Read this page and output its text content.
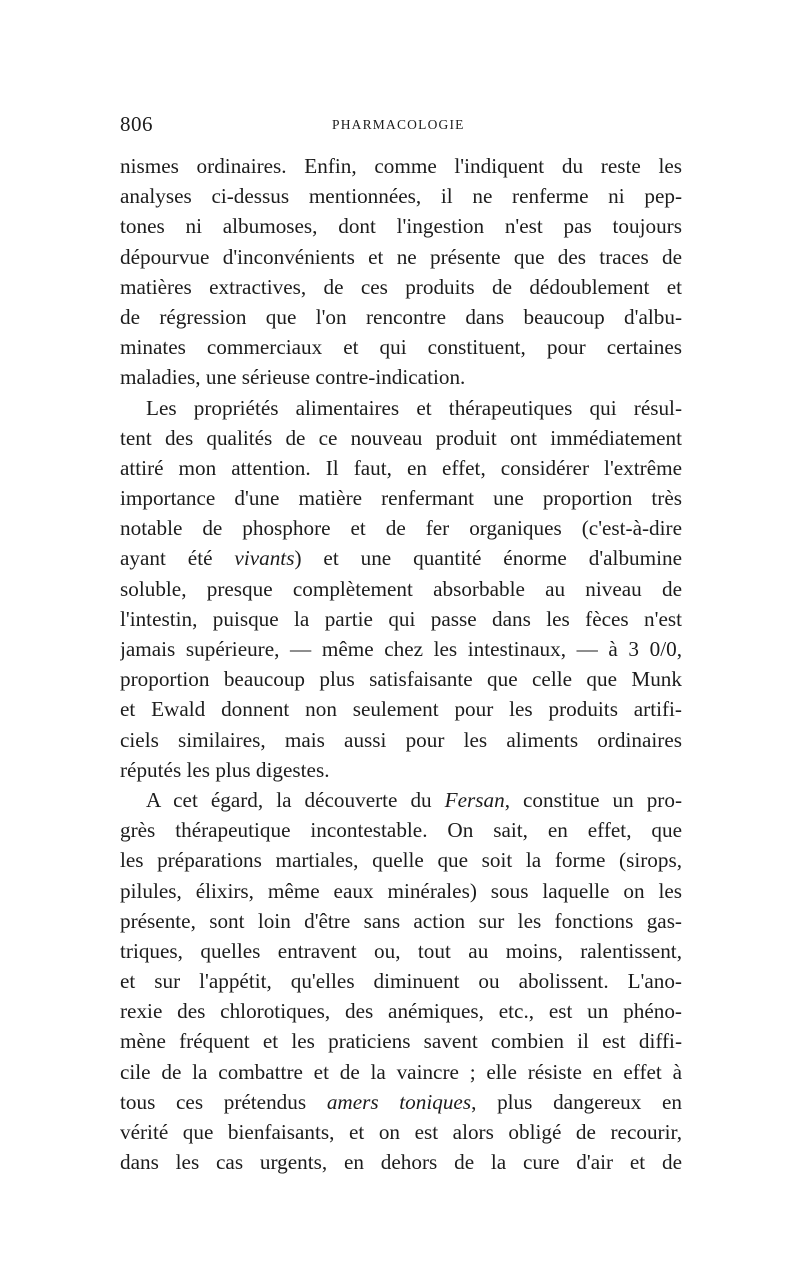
806	PHARMACOLOGIE
nismes ordinaires. Enfin, comme l'indiquent du reste les
analyses ci-dessus mentionnées, il ne renferme ni pep-
tones ni albumoses, dont l'ingestion n'est pas toujours
dépourvue d'inconvénients et ne présente que des traces de
matières extractives, de ces produits de dédoublement et
de régression que l'on rencontre dans beaucoup d'albu-
minates commerciaux et qui constituent, pour certaines
maladies, une sérieuse contre-indication.
Les propriétés alimentaires et thérapeutiques qui résul-
tent des qualités de ce nouveau produit ont immédiatement
attiré mon attention. Il faut, en effet, considérer l'extrême
importance d'une matière renfermant une proportion très
notable de phosphore et de fer organiques (c'est-à-dire
ayant été vivants) et une quantité énorme d'albumine
soluble, presque complètement absorbable au niveau de
l'intestin, puisque la partie qui passe dans les fèces n'est
jamais supérieure, — même chez les intestinaux, — à 3 0/0,
proportion beaucoup plus satisfaisante que celle que Munk
et Ewald donnent non seulement pour les produits artifi-
ciels similaires, mais aussi pour les aliments ordinaires
réputés les plus digestes.
A cet égard, la découverte du Fersan, constitue un pro-
grès thérapeutique incontestable. On sait, en effet, que
les préparations martiales, quelle que soit la forme (sirops,
pilules, élixirs, même eaux minérales) sous laquelle on les
présente, sont loin d'être sans action sur les fonctions gas-
triques, quelles entravent ou, tout au moins, ralentissent,
et sur l'appétit, qu'elles diminuent ou abolissent. L'ano-
rexie des chlorotiques, des anémiques, etc., est un phéno-
mène fréquent et les praticiens savent combien il est diffi-
cile de la combattre et de la vaincre ; elle résiste en effet à
tous ces prétendus amers toniques, plus dangereux en
vérité que bienfaisants, et on est alors obligé de recourir,
dans les cas urgents, en dehors de la cure d'air et de
